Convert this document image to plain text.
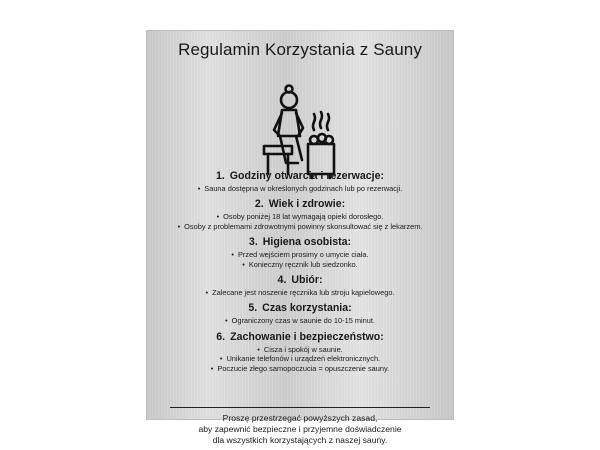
Regulamin Korzystania z Sauny
1. Godziny otwarcia i rezerwacje:
• Sauna dostępna w określonych godzinach lub po rezerwacji.
2. Wiek i zdrowie:
• Osoby poniżej 18 lat wymagają opieki dorosłego.
• Osoby z problemami zdrowotnymi powinny skonsultować się z lekarzem.
3. Higiena osobista:
• Przed wejściem prosimy o umycie ciała.
• Konieczny ręcznik lub siedzonko.
4. Ubiór:
• Zalecane jest noszenie ręcznika lub stroju kąpielowego.
5. Czas korzystania:
• Ograniczony czas w saunie do 10-15 minut.
6. Zachowanie i bezpieczeństwo:
• Cisza i spokój w saunie.
• Unikanie telefonów i urządzeń elektronicznych.
• Poczucie złego samopoczucia = opuszczenie sauny.
Proszę przestrzegać powyższych zasad,
aby zapewnić bezpieczne i przyjemne doświadczenie
dla wszystkich korzystających z naszej sauny.
